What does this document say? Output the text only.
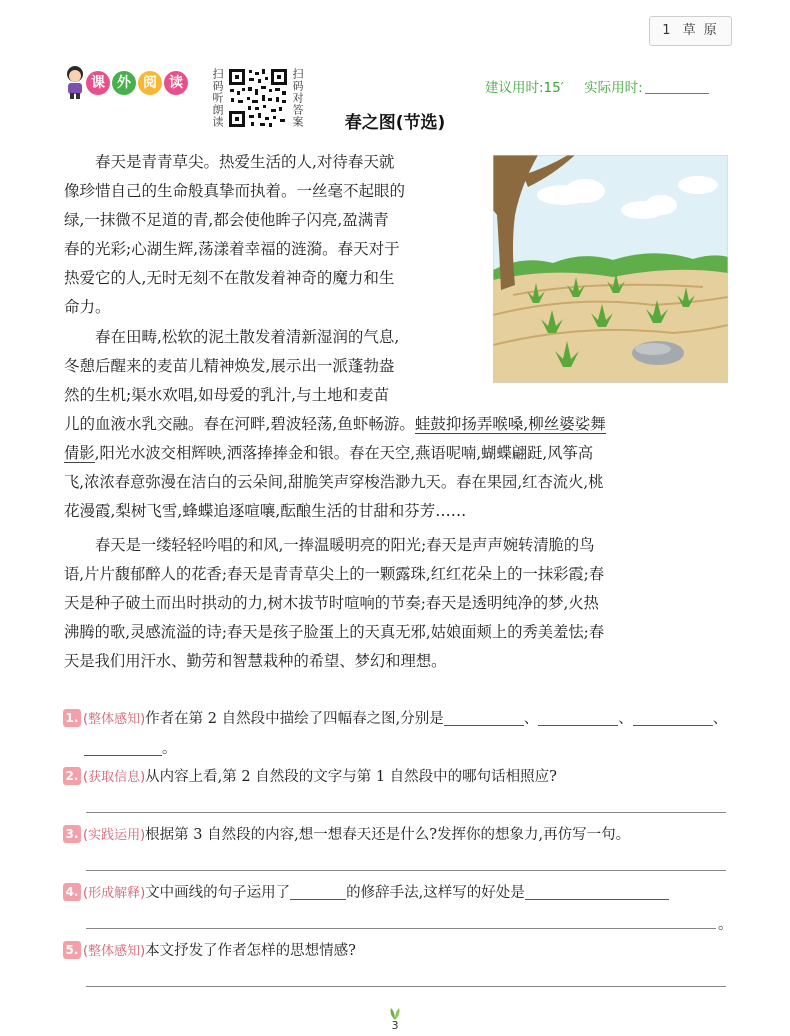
1 草 原
课 外 阅 读	扫码听朗读	扫码对答案	建议用时:15′ 实际用时:
春之图(节选)
春天是青青草尖。热爱生活的人,对待春天就
像珍惜自己的生命般真挚而执着。一丝毫不起眼的
绿,一抹微不足道的青,都会使他眸子闪亮,盈满青
春的光彩;心湖生辉,荡漾着幸福的涟漪。春天对于
热爱它的人,无时无刻不在散发着神奇的魔力和生
命力。
春在田畴,松软的泥土散发着清新湿润的气息,
冬憩后醒来的麦苗儿精神焕发,展示出一派蓬勃盎
然的生机;渠水欢唱,如母爱的乳汁,与土地和麦苗
儿的血液水乳交融。春在河畔,碧波轻荡,鱼虾畅游。蛙鼓抑扬弄喉嗓,柳丝婆娑舞
倩影,阳光水波交相辉映,洒落捧捧金和银。春在天空,燕语呢喃,蝴蝶翩跹,风筝高
飞,浓浓春意弥漫在洁白的云朵间,甜脆笑声穿梭浩渺九天。春在果园,红杏流火,桃
花漫霞,梨树飞雪,蜂蝶追逐喧嚷,酝酿生活的甘甜和芬芳……
春天是一缕轻轻吟唱的和风,一捧温暖明亮的阳光;春天是声声婉转清脆的鸟
语,片片馥郁醉人的花香;春天是青青草尖上的一颗露珠,红红花朵上的一抹彩霞;春
天是种子破土而出时拱动的力,树木拔节时喧响的节奏;春天是透明纯净的梦,火热
沸腾的歌,灵感流溢的诗;春天是孩子脸蛋上的天真无邪,姑娘面颊上的秀美羞怯;春
天是我们用汗水、勤劳和智慧栽种的希望、梦幻和理想。
1. (整体感知)作者在第 2 自然段中描绘了四幅春之图,分别是	、	、	、
。
2. (获取信息)从内容上看,第 2 自然段的文字与第 1 自然段中的哪句话相照应?
3. (实践运用)根据第 3 自然段的内容,想一想春天还是什么?发挥你的想象力,再仿写一句。
4. (形成解释)文中画线的句子运用了	的修辞手法,这样写的好处是
。
5. (整体感知)本文抒发了作者怎样的思想情感?
3
